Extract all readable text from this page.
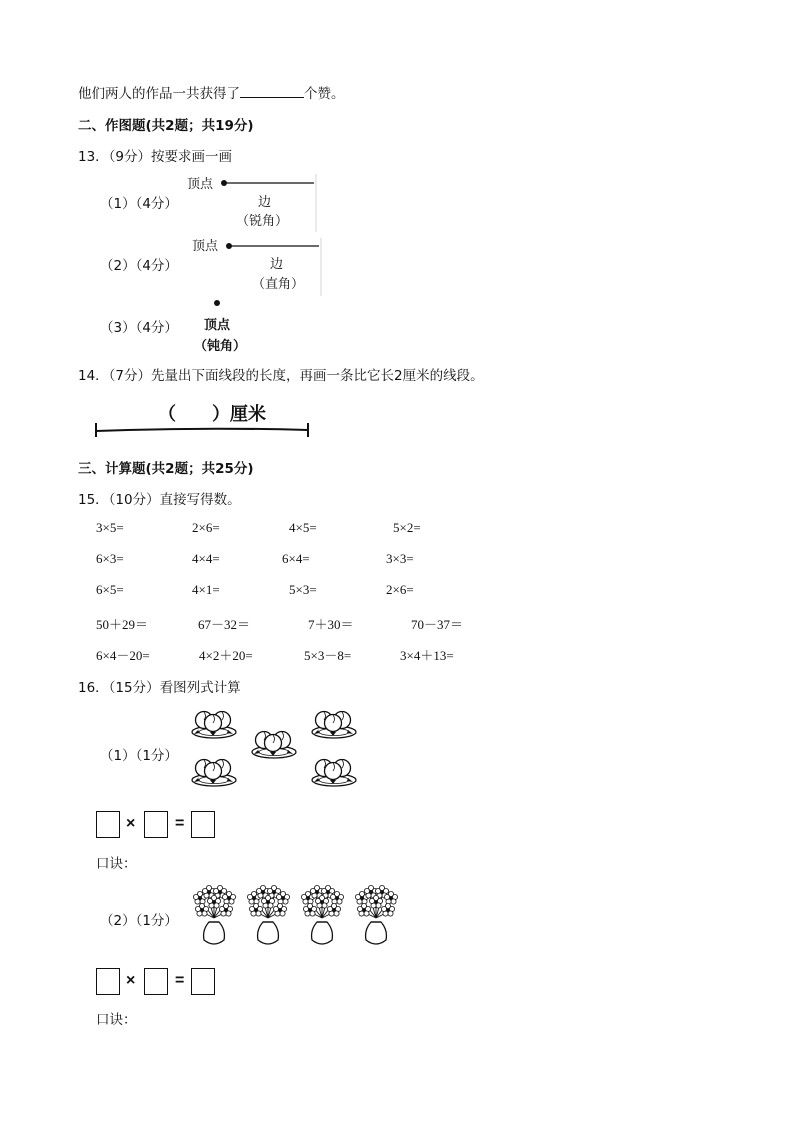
他们两人的作品一共获得了	个赞。
二、作图题(共2题；共19分)
13．（9分）按要求画一画
（1）（4分）
顶点
边
（锐角）
（2）（4分）
顶点
边
（直角）
（3）（4分） 顶点
（钝角）
14．（7分）先量出下面线段的长度，再画一条比它长2厘米的线段。
（　　）厘米
三、计算题(共2题；共25分)
15．（10分）直接写得数。
3×5=	2×6=	4×5=	5×2=
6×3=	4×4=	6×4=	3×3=
6×5=	4×1=	5×3=	2×6=
50＋29＝	67－32＝	7＋30＝	70－37＝
6×4－20=	4×2＋20=	5×3－8=	3×4＋13=
16．（15分）看图列式计算
（1）（1分）
× =
口诀：
（2）（1分）
× =
口诀：
